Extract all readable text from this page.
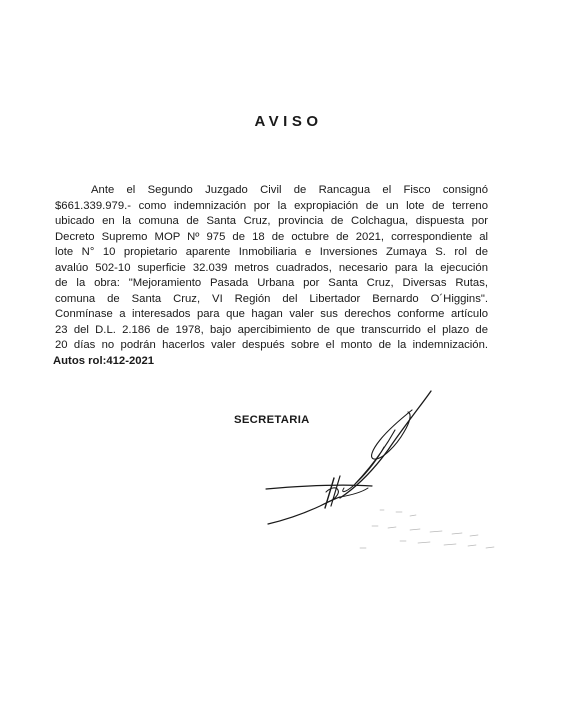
AVISO
Ante el Segundo Juzgado Civil de Rancagua el Fisco consignó
$661.339.979.- como indemnización por la expropiación de un lote de terreno
ubicado en la comuna de Santa Cruz, provincia de Colchagua, dispuesta por
Decreto Supremo MOP Nº 975 de 18 de octubre de 2021, correspondiente al
lote N° 10 propietario aparente Inmobiliaria e Inversiones Zumaya S. rol de
avalúo 502-10 superficie 32.039 metros cuadrados, necesario para la ejecución
de la obra: "Mejoramiento Pasada Urbana por Santa Cruz, Diversas Rutas,
comuna de Santa Cruz, VI Región del Libertador Bernardo O´Higgins".
Conmínase a interesados para que hagan valer sus derechos conforme artículo
23 del D.L. 2.186 de 1978, bajo apercibimiento de que transcurrido el plazo de
20 días no podrán hacerlos valer después sobre el monto de la indemnización.
Autos rol:412-2021
SECRETARIA
